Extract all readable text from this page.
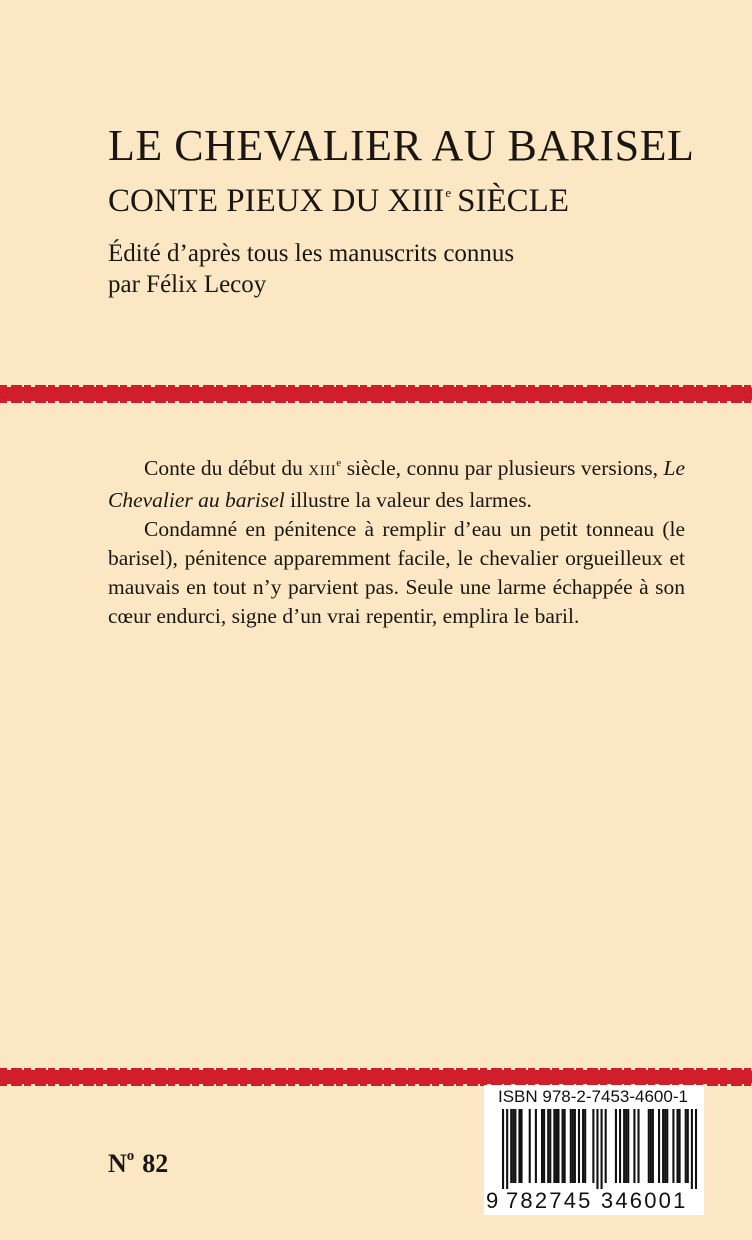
LE CHEVALIER AU BARISEL
CONTE PIEUX DU XIIIe SIÈCLE
Édité d’après tous les manuscrits connus
par Félix Lecoy

Conte du début du XIIIe siècle, connu par plusieurs versions, Le Chevalier au barisel illustre la valeur des larmes.

Condamné en pénitence à remplir d’eau un petit tonneau (le barisel), pénitence apparemment facile, le chevalier orgueilleux et mauvais en tout n’y parvient pas. Seule une larme échappée à son cœur endurci, signe d’un vrai repentir, emplira le baril.

$N^o$ 82
ISBN 978-2-7453-4600-1
9 782745 346001
